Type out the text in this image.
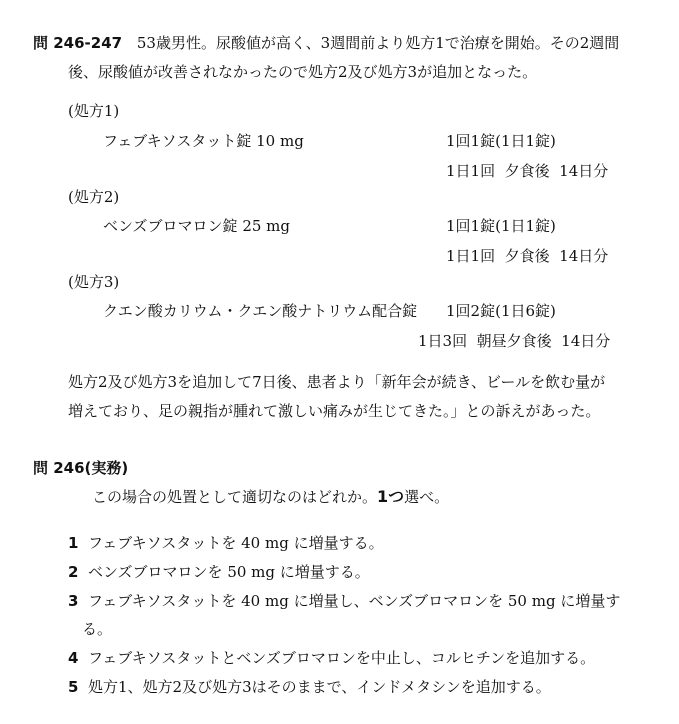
問 246-247 53歳男性。尿酸値が高く、3週間前より処方1で治療を開始。その2週間
後、尿酸値が改善されなかったので処方2及び処方3が追加となった。
(処方1)
フェブキソスタット錠 10 mg	1回1錠(1日1錠)
1日1回  夕食後  14日分
(処方2)
ベンズブロマロン錠 25 mg	1回1錠(1日1錠)
1日1回  夕食後  14日分
(処方3)
クエン酸カリウム・クエン酸ナトリウム配合錠 1回2錠(1日6錠)
1日3回  朝昼夕食後  14日分
処方2及び処方3を追加して7日後、患者より「新年会が続き、ビールを飲む量が
増えており、足の親指が腫れて激しい痛みが生じてきた。」との訴えがあった。
問 246(実務)
この場合の処置として適切なのはどれか。1つ選べ。
1 フェブキソスタットを 40 mg に増量する。
2 ベンズブロマロンを 50 mg に増量する。
3 フェブキソスタットを 40 mg に増量し、ベンズブロマロンを 50 mg に増量す
る。
4 フェブキソスタットとベンズブロマロンを中止し、コルヒチンを追加する。
5 処方1、処方2及び処方3はそのままで、インドメタシンを追加する。
